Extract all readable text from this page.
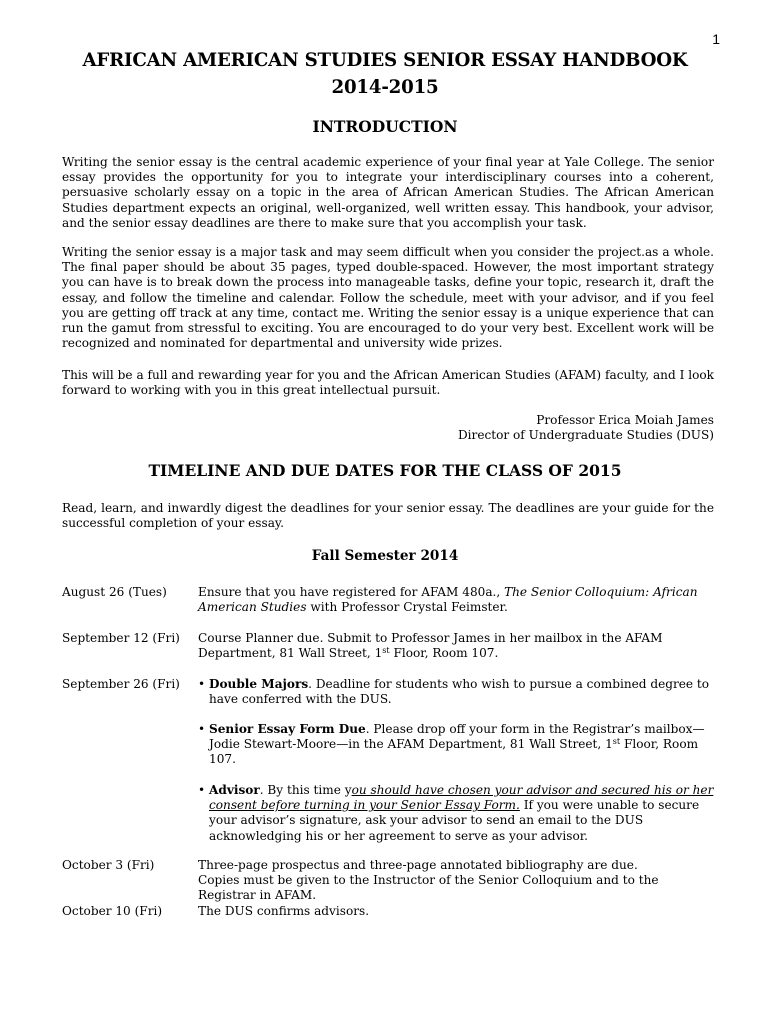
1
AFRICAN AMERICAN STUDIES SENIOR ESSAY HANDBOOK
2014-2015
INTRODUCTION

Writing the senior essay is the central academic experience of your final year at Yale College. The senior essay provides the opportunity for you to integrate your interdisciplinary courses into a coherent, persuasive scholarly essay on a topic in the area of African American Studies. The African American Studies department expects an original, well-organized, well written essay. This handbook, your advisor, and the senior essay deadlines are there to make sure that you accomplish your task.

Writing the senior essay is a major task and may seem difficult when you consider the project.as a whole. The final paper should be about 35 pages, typed double-spaced. However, the most important strategy you can have is to break down the process into manageable tasks, define your topic, research it, draft the essay, and follow the timeline and calendar. Follow the schedule, meet with your advisor, and if you feel you are getting off track at any time, contact me. Writing the senior essay is a unique experience that can run the gamut from stressful to exciting. You are encouraged to do your very best. Excellent work will be recognized and nominated for departmental and university wide prizes.

This will be a full and rewarding year for you and the African American Studies (AFAM) faculty, and I look forward to working with you in this great intellectual pursuit.

Professor Erica Moiah James
Director of Undergraduate Studies (DUS)
TIMELINE AND DUE DATES FOR THE CLASS OF 2015

Read, learn, and inwardly digest the deadlines for your senior essay. The deadlines are your guide for the successful completion of your essay.

Fall Semester 2014
August 26 (Tues)	Ensure that you have registered for AFAM 480a., The Senior Colloquium: African American Studies with Professor Crystal Feimster.
September 12 (Fri)	Course Planner due. Submit to Professor James in her mailbox in the AFAM Department, 81 Wall Street, 1st Floor, Room 107.
September 26 (Fri)	• Double Majors. Deadline for students who wish to pursue a combined degree to have conferred with the DUS.
• Senior Essay Form Due. Please drop off your form in the Registrar’s mailbox—Jodie Stewart-Moore—in the AFAM Department, 81 Wall Street, 1st Floor, Room 107.
• Advisor. By this time you should have chosen your advisor and secured his or her consent before turning in your Senior Essay Form. If you were unable to secure your advisor’s signature, ask your advisor to send an email to the DUS acknowledging his or her agreement to serve as your advisor.
October 3 (Fri)	Three-page prospectus and three-page annotated bibliography are due.
Copies must be given to the Instructor of the Senior Colloquium and to the Registrar in AFAM.
October 10 (Fri)	The DUS confirms advisors.
